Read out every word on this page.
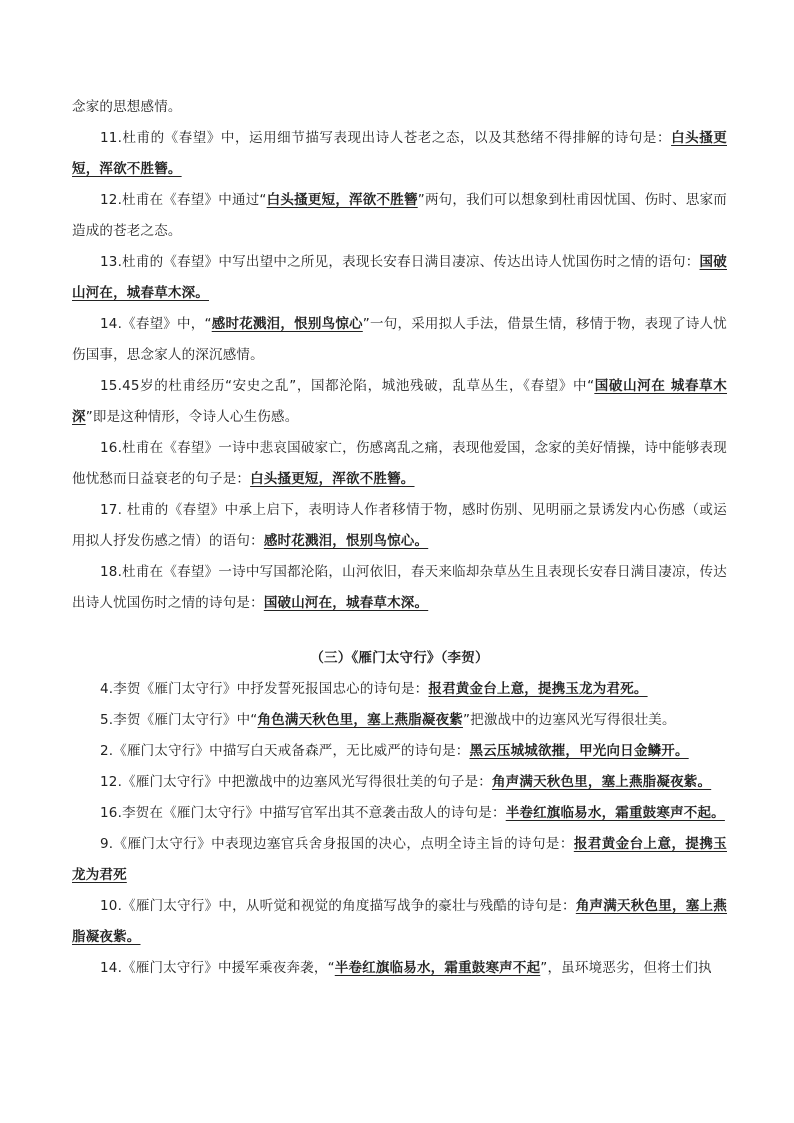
念家的思想感情。

11.杜甫的《春望》中，运用细节描写表现出诗人苍老之态，以及其愁绪不得排解的诗句是：白头搔更短，浑欲不胜簪。

12.杜甫在《春望》中通过“白头搔更短，浑欲不胜簪”两句，我们可以想象到杜甫因忧国、伤时、思家而造成的苍老之态。

13.杜甫的《春望》中写出望中之所见，表现长安春日满目凄凉、传达出诗人忧国伤时之情的语句：国破山河在，城春草木深。

14.《春望》中，“感时花溅泪，恨别鸟惊心”一句，采用拟人手法，借景生情，移情于物，表现了诗人忧伤国事，思念家人的深沉感情。

15.45岁的杜甫经历“安史之乱”，国都沦陷，城池残破，乱草丛生，《春望》中“国破山河在 城春草木深”即是这种情形，令诗人心生伤感。

16.杜甫在《春望》一诗中悲哀国破家亡，伤感离乱之痛，表现他爱国，念家的美好情操，诗中能够表现他忧愁而日益衰老的句子是：白头搔更短，浑欲不胜簪。

17. 杜甫的《春望》中承上启下，表明诗人作者移情于物，感时伤别、见明丽之景诱发内心伤感（或运用拟人抒发伤感之情）的语句：感时花溅泪，恨别鸟惊心。

18.杜甫在《春望》一诗中写国都沦陷，山河依旧，春天来临却杂草丛生且表现长安春日满目凄凉，传达出诗人忧国伤时之情的诗句是：国破山河在，城春草木深。

（三）《雁门太守行》（李贺）

4.李贺《雁门太守行》中抒发誓死报国忠心的诗句是：报君黄金台上意，提携玉龙为君死。

5.李贺《雁门太守行》中“角色满天秋色里，塞上燕脂凝夜紫”把激战中的边塞风光写得很壮美。

2.《雁门太守行》中描写白天戒备森严，无比威严的诗句是：黑云压城城欲摧，甲光向日金鳞开。

12.《雁门太守行》中把激战中的边塞风光写得很壮美的句子是：角声满天秋色里，塞上燕脂凝夜紫。

16.李贺在《雁门太守行》中描写官军出其不意袭击敌人的诗句是：半卷红旗临易水，霜重鼓寒声不起。

9.《雁门太守行》中表现边塞官兵舍身报国的决心，点明全诗主旨的诗句是：报君黄金台上意，提携玉龙为君死

10.《雁门太守行》中，从听觉和视觉的角度描写战争的豪壮与残酷的诗句是：角声满天秋色里，塞上燕脂凝夜紫。

14.《雁门太守行》中援军乘夜奔袭，“半卷红旗临易水，霜重鼓寒声不起”，虽环境恶劣，但将士们执
